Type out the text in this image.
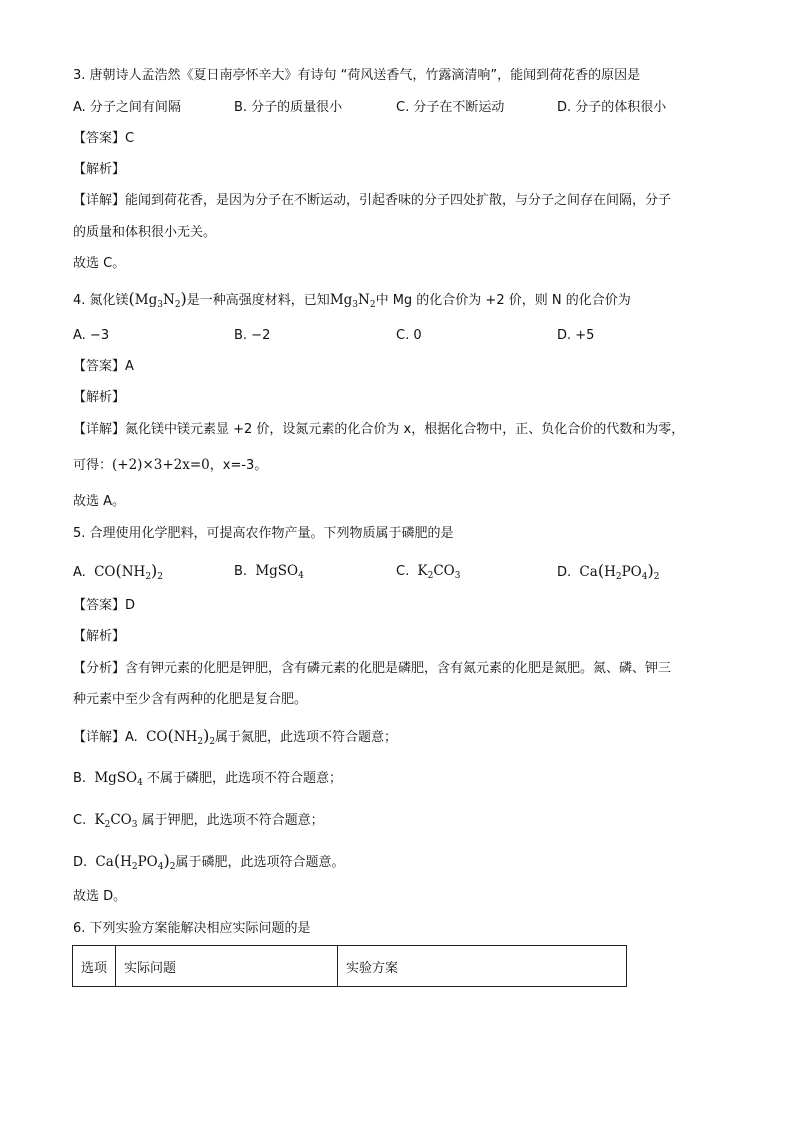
3. 唐朝诗人孟浩然《夏日南亭怀辛大》有诗句 “荷风送香气，竹露滴清响”，能闻到荷花香的原因是
A. 分子之间有间隔	B. 分子的质量很小	C. 分子在不断运动	D. 分子的体积很小
【答案】C
【解析】
【详解】能闻到荷花香，是因为分子在不断运动，引起香味的分子四处扩散，与分子之间存在间隔，分子
的质量和体积很小无关。
故选 C。
4. 氮化镁$(Mg_3N_2)$是一种高强度材料，已知$Mg_3N_2$中 Mg 的化合价为 +2 价，则 N 的化合价为
A. −3	B. −2	C. 0	D. +5
【答案】A
【解析】
【详解】氮化镁中镁元素显 +2 价，设氮元素的化合价为 x，根据化合物中，正、负化合价的代数和为零，
可得：(+2)×3+2x=0，x=-3。
故选 A。
5. 合理使用化学肥料，可提高农作物产量。下列物质属于磷肥的是
A. $CO(NH_2)_2$	B. MgSO$_4$	C. $K_2CO_3$	D. $Ca(H_2PO_4)_2$
【答案】D
【解析】
【分析】含有钾元素的化肥是钾肥，含有磷元素的化肥是磷肥，含有氮元素的化肥是氮肥。氮、磷、钾三
种元素中至少含有两种的化肥是复合肥。
【详解】A. $CO(NH_2)_2$属于氮肥，此选项不符合题意；
B. MgSO$_4$ 不属于磷肥，此选项不符合题意；
C. $K_2CO_3$ 属于钾肥，此选项不符合题意；
D. $Ca(H_2PO_4)_2$属于磷肥，此选项符合题意。
故选 D。
6. 下列实验方案能解决相应实际问题的是
选项	实际问题	实验方案
